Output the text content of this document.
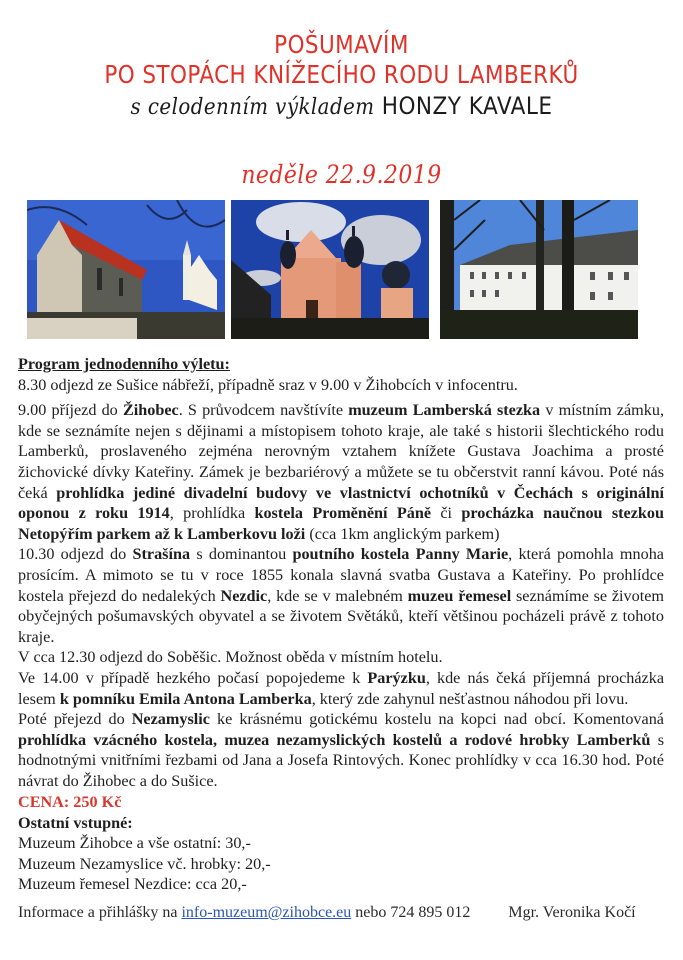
POŠUMAVÍM
PO STOPÁCH KNÍŽECÍHO RODU LAMBERKŮ
s celodenním výkladem HONZY KAVALE
neděle 22.9.2019

Program jednodenního výletu:

8.30 odjezd ze Sušice nábřeží, případně sraz v 9.00 v Žihobcích v infocentru.

9.00 příjezd do Žihobec. S průvodcem navštívíte muzeum Lamberská stezka v místním zámku, kde se seznámíte nejen s dějinami a místopisem tohoto kraje, ale také s historii šlechtického rodu Lamberků, proslaveného zejména nerovným vztahem knížete Gustava Joachima a prosté žichovické dívky Kateřiny. Zámek je bezbariérový a můžete se tu občerstvit ranní kávou. Poté nás čeká prohlídka jediné divadelní budovy ve vlastnictví ochotníků v Čechách s originální oponou z roku 1914, prohlídka kostela Proměnění Páně či procházka naučnou stezkou Netopýřím parkem až k Lamberkovu loži (cca 1km anglickým parkem)

10.30 odjezd do Strašína s dominantou poutního kostela Panny Marie, která pomohla mnoha prosícím. A mimoto se tu v roce 1855 konala slavná svatba Gustava a Kateřiny. Po prohlídce kostela přejezd do nedalekých Nezdic, kde se v malebném muzeu řemesel seznámíme se životem obyčejných pošumavských obyvatel a se životem Světáků, kteří většinou pocházeli právě z tohoto kraje.

V cca 12.30 odjezd do Soběšic. Možnost oběda v místním hotelu.

Ve 14.00 v případě hezkého počasí popojedeme k Parýzku, kde nás čeká příjemná procházka lesem k pomníku Emila Antona Lamberka, který zde zahynul nešťastnou náhodou při lovu.

Poté přejezd do Nezamyslic ke krásnému gotickému kostelu na kopci nad obcí. Komentovaná prohlídka vzácného kostela, muzea nezamyslických kostelů a rodové hrobky Lamberků s hodnotnými vnitřními řezbami od Jana a Josefa Rintových. Konec prohlídky v cca 16.30 hod. Poté návrat do Žihobec a do Sušice.

CENA: 250 Kč
Ostatní vstupné:
Muzeum Žihobce a vše ostatní: 30,-
Muzeum Nezamyslice vč. hrobky: 20,-
Muzeum řemesel Nezdice: cca 20,-
Informace a přihlášky na info-muzeum@zihobce.eu nebo 724 895 012 Mgr. Veronika Kočí
